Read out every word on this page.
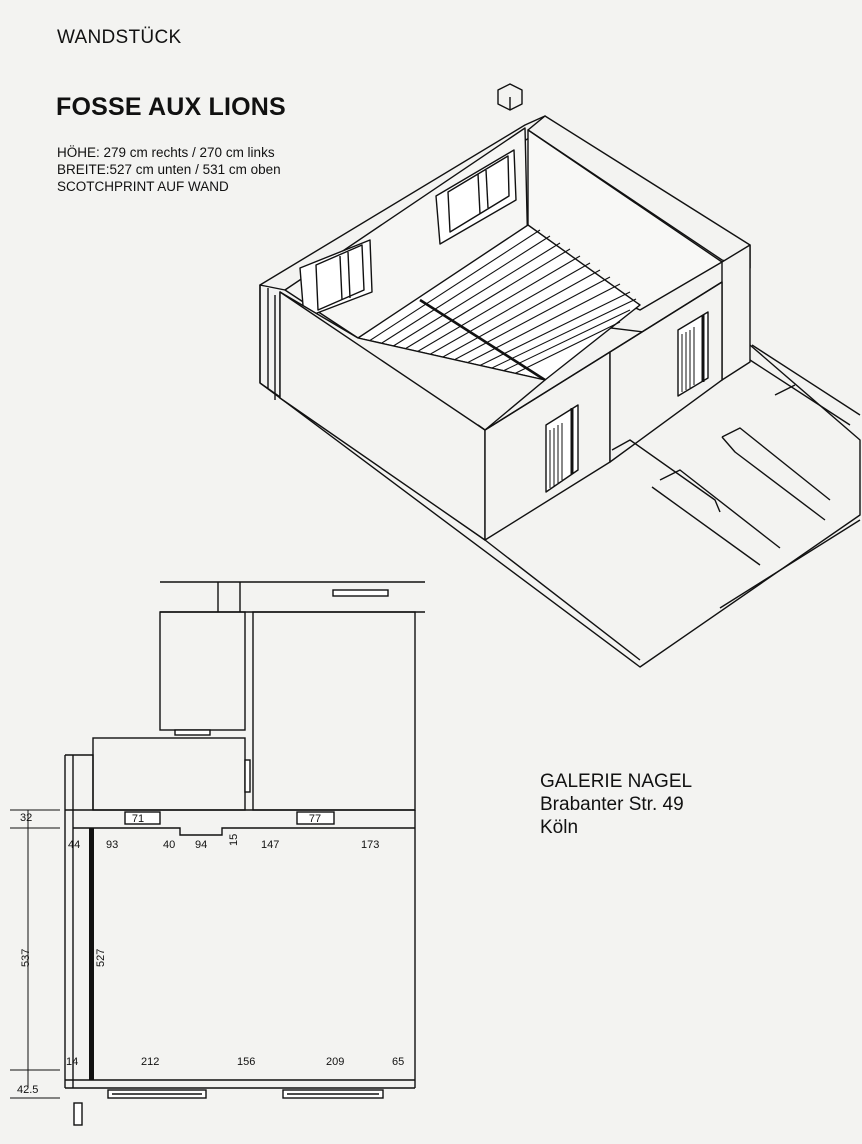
WANDSTÜCK
FOSSE AUX LIONS
HÖHE: 279 cm rechts / 270 cm links
BREITE:527 cm unten / 531 cm oben
SCOTCHPRINT AUF WAND
71	77
44 93	40 94 15 147	173
14	212	156	209	65
32
537
42.5
527
GALERIE NAGEL
Brabanter Str. 49
Köln
